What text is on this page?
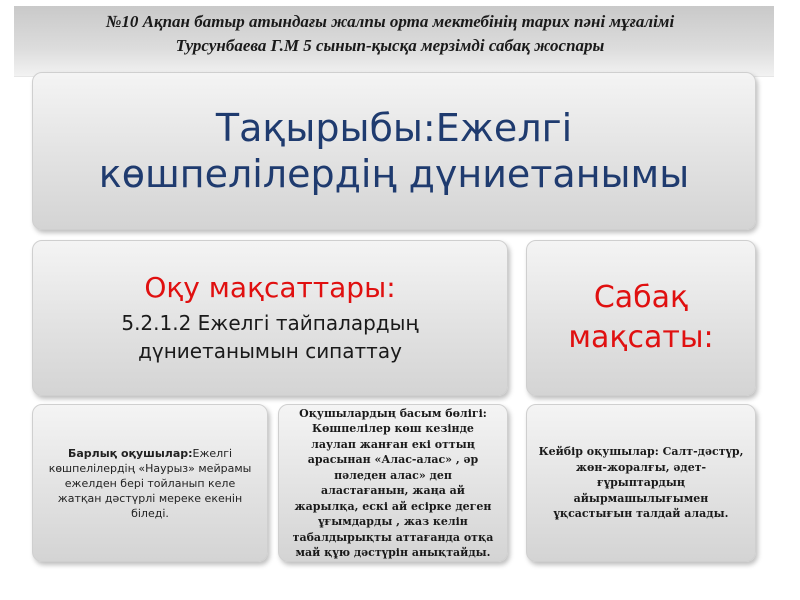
№10 Ақпан батыр атындағы жалпы орта мектебінің тарих пәні мұғалімі
Турсунбаева Г.М 5 сынып-қысқа мерзімді сабақ жоспары

Тақырыбы:Ежелгі
көшпелілердің дүниетанымы

Оқу мақсаттары:

5.2.1.2 Ежелгі тайпалардың
дүниетанымын сипаттау

Сабақ
мақсаты:

Барлық оқушылар:Ежелгі көшпелілердің «Наурыз» мейрамы ежелден бері тойланып келе жатқан дәстүрлі мереке екенін біледі.

Оқушылардың басым бөлігі: Көшпелілер көш кезінде лаулап жанған екі оттың арасынан «Алас-алас» , әр пәледен алас» деп аластағанын, жаңа ай жарылқа, ескі ай есірке деген ұғымдарды , жаз келін табалдырықты аттағанда отқа май құю дәстүрін анықтайды.

Кейбір оқушылар: Салт-дәстүр, жөн-жоралғы, әдет-ғұрыптардың айырмашылығымен ұқсастығын талдай алады.
